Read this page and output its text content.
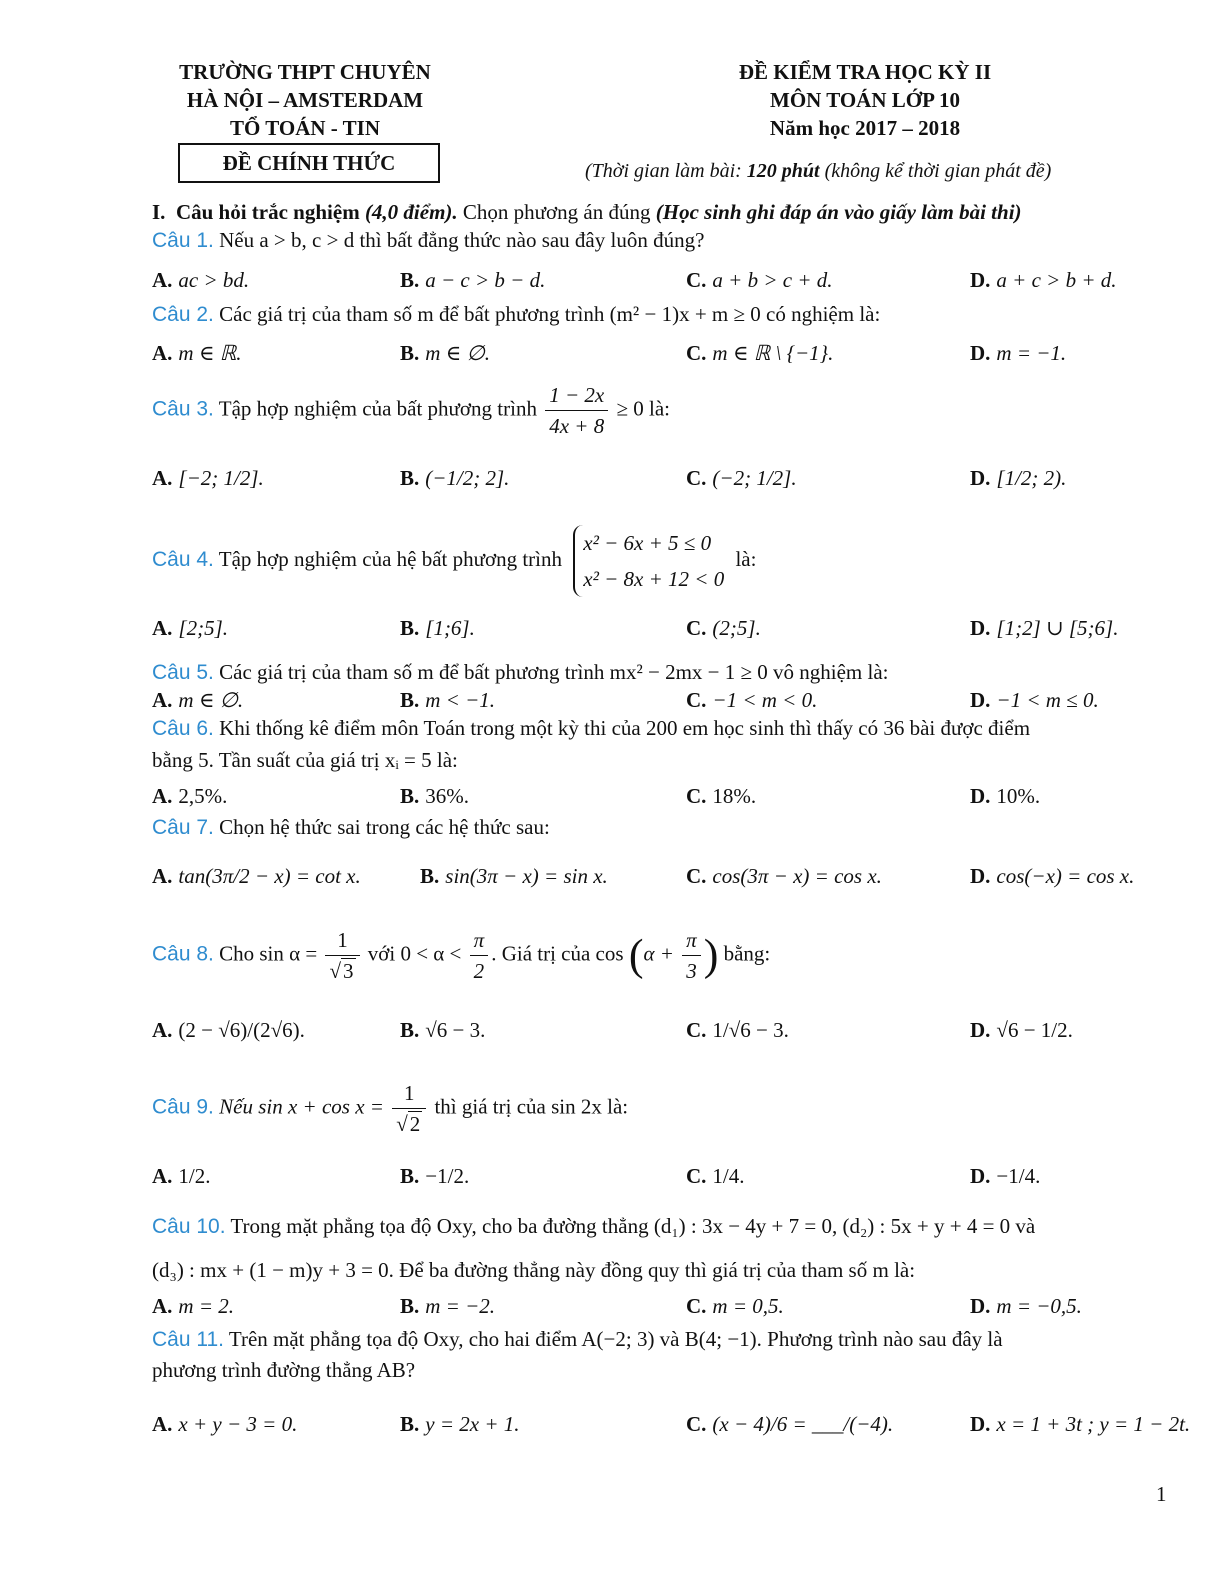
TRƯỜNG THPT CHUYÊN
HÀ NỘI – AMSTERDAM
TỔ TOÁN - TIN
ĐỀ CHÍNH THỨC
ĐỀ KIỂM TRA HỌC KỲ II
MÔN TOÁN LỚP 10
Năm học 2017 – 2018
(Thời gian làm bài: 120 phút (không kể thời gian phát đề)
I. Câu hỏi trắc nghiệm (4,0 điểm). Chọn phương án đúng (Học sinh ghi đáp án vào giấy làm bài thi)
Câu 1. Nếu a > b, c > d thì bất đẳng thức nào sau đây luôn đúng?
A. ac > bd.	B. a − c > b − d.	C. a + b > c + d.	D. a + c > b + d.
Câu 2. Các giá trị của tham số m để bất phương trình (m² − 1)x + m ≥ 0 có nghiệm là:
A. m ∈ ℝ.	B. m ∈ ∅.	C. m ∈ ℝ \ {−1}.	D. m = −1.
Câu 3. Tập hợp nghiệm của bất phương trình $\frac{1 - 2x}{4x + 8} \ge 0$ là:
A. [−2; 1/2].	B. (−1/2; 2].	C. (−2; 1/2].	D. [1/2; 2).
Câu 4. Tập hợp nghiệm của hệ bất phương trình
x² − 6x + 5 ≤ 0
x² − 8x + 12 < 0
là:
A. [2;5].	B. [1;6].	C. (2;5].	D. [1;2] ∪ [5;6].
Câu 5. Các giá trị của tham số m để bất phương trình mx² − 2mx − 1 ≥ 0 vô nghiệm là:
A. m ∈ ∅.	B. m < −1.	C. −1 < m < 0.	D. −1 < m ≤ 0.
Câu 6. Khi thống kê điểm môn Toán trong một kỳ thi của 200 em học sinh thì thấy có 36 bài được điểm
bằng 5. Tần suất của giá trị xᵢ = 5 là:
A. 2,5%.	B. 36%.	C. 18%.	D. 10%.
Câu 7. Chọn hệ thức sai trong các hệ thức sau:
A. tan(3π/2 − x) = cot x.	B. sin(3π − x) = sin x.	C. cos(3π − x) = cos x.	D. cos(−x) = cos x.
Câu 8. Cho $\sin \alpha = \frac{1}{√3}$ với $0 < \alpha < \frac{\pi}{2}$ . Giá trị của $\cos (\alpha + \frac{\pi}{3}$ ) bằng:
A. (2 − √6)/(2√6).	B. √6 − 3.	C. 1/√6 − 3.	D. √6 − 1/2.
Câu 9. Nếu $\sin x + \cos x = \frac{1}{√2}$ thì giá trị của sin 2x là:
A. 1/2.	B. −1/2.	C. 1/4.	D. −1/4.
Câu 10. Trong mặt phẳng tọa độ Oxy, cho ba đường thẳng (d₁) : 3x − 4y + 7 = 0, (d₂) : 5x + y + 4 = 0 và
(d₃) : mx + (1 − m)y + 3 = 0. Để ba đường thẳng này đồng quy thì giá trị của tham số m là:
A. m = 2.	B. m = −2.	C. m = 0,5.	D. m = −0,5.
Câu 11. Trên mặt phẳng tọa độ Oxy, cho hai điểm A(−2; 3) và B(4; −1). Phương trình nào sau đây là
phương trình đường thẳng AB?
A. x + y − 3 = 0.	B. y = 2x + 1.	C. (x − 4)/6 = ___/(−4).	D. x = 1 + 3t ; y = 1 − 2t.
1
